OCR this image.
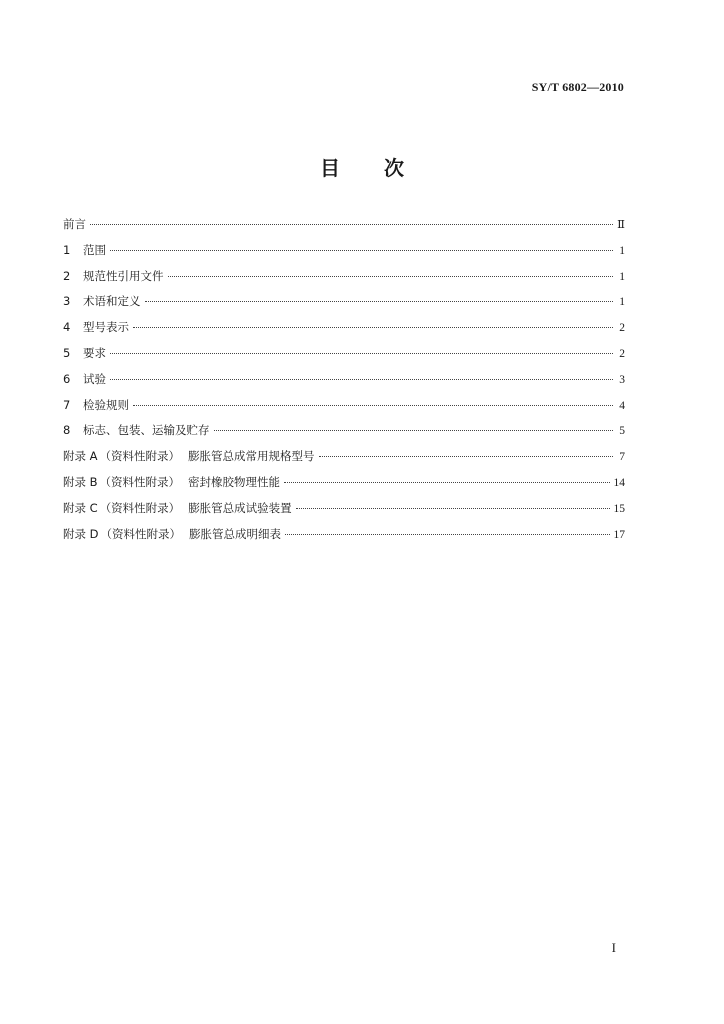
SY/T 6802—2010
目 次
前言	Ⅱ
1	范围	1
2	规范性引用文件	1
3	术语和定义	1
4	型号表示	2
5	要求	2
6	试验	3
7	检验规则	4
8	标志、包装、运输及贮存	5
附录 A （资料性附录） 膨胀管总成常用规格型号	7
附录 B （资料性附录） 密封橡胶物理性能	14
附录 C （资料性附录） 膨胀管总成试验装置	15
附录 D （资料性附录） 膨胀管总成明细表	17
I
